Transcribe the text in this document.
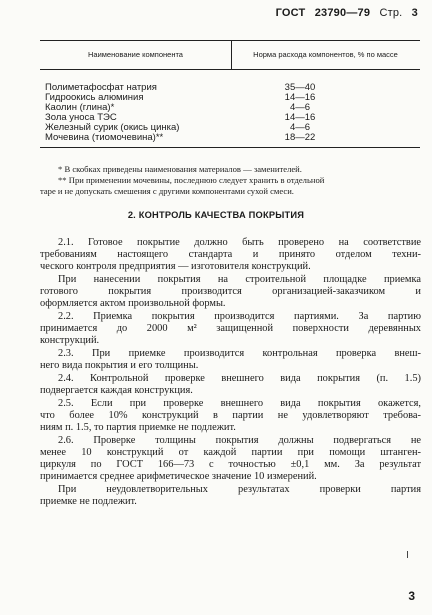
ГОСТ 23790—79 Стр. 3
Наименование компонента	Норма расхода компонентов, % по массе
Полиметафосфат натрия	35—40
Гидроокись алюминия	14—16
Каолин (глина)*	4—6
Зола уноса ТЭС	14—16
Железный сурик (окись цинка)	4—6
Мочевина (тиомочевина)**	18—22
* В скобках приведены наименования материалов — заменителей.
** При применении мочевины, последнюю следует хранить в отдельной
таре и не допускать смешения с другими компонентами сухой смеси.
2. КОНТРОЛЬ КАЧЕСТВА ПОКРЫТИЯ
2.1. Готовое покрытие должно быть проверено на соответствие
требованиям настоящего стандарта и принято отделом техни-
ческого контроля предприятия — изготовителя конструкций.
При нанесении покрытия на строительной площадке приемка
готового покрытия производится организацией-заказчиком и
оформляется актом произвольной формы.
2.2. Приемка покрытия производится партиями. За партию
принимается до 2000 м² защищенной поверхности деревянных
конструкций.
2.3. При приемке производится контрольная проверка внеш-
него вида покрытия и его толщины.
2.4. Контрольной проверке внешнего вида покрытия (п. 1.5)
подвергается каждая конструкция.
2.5. Если при проверке внешнего вида покрытия окажется,
что более 10% конструкций в партии не удовлетворяют требова-
ниям п. 1.5, то партия приемке не подлежит.
2.6. Проверке толщины покрытия должны подвергаться не
менее 10 конструкций от каждой партии при помощи штанген-
циркуля по ГОСТ 166—73 с точностью ±0,1 мм. За результат
принимается среднее арифметическое значение 10 измерений.
При неудовлетворительных результатах проверки партия
приемке не подлежит.
3
